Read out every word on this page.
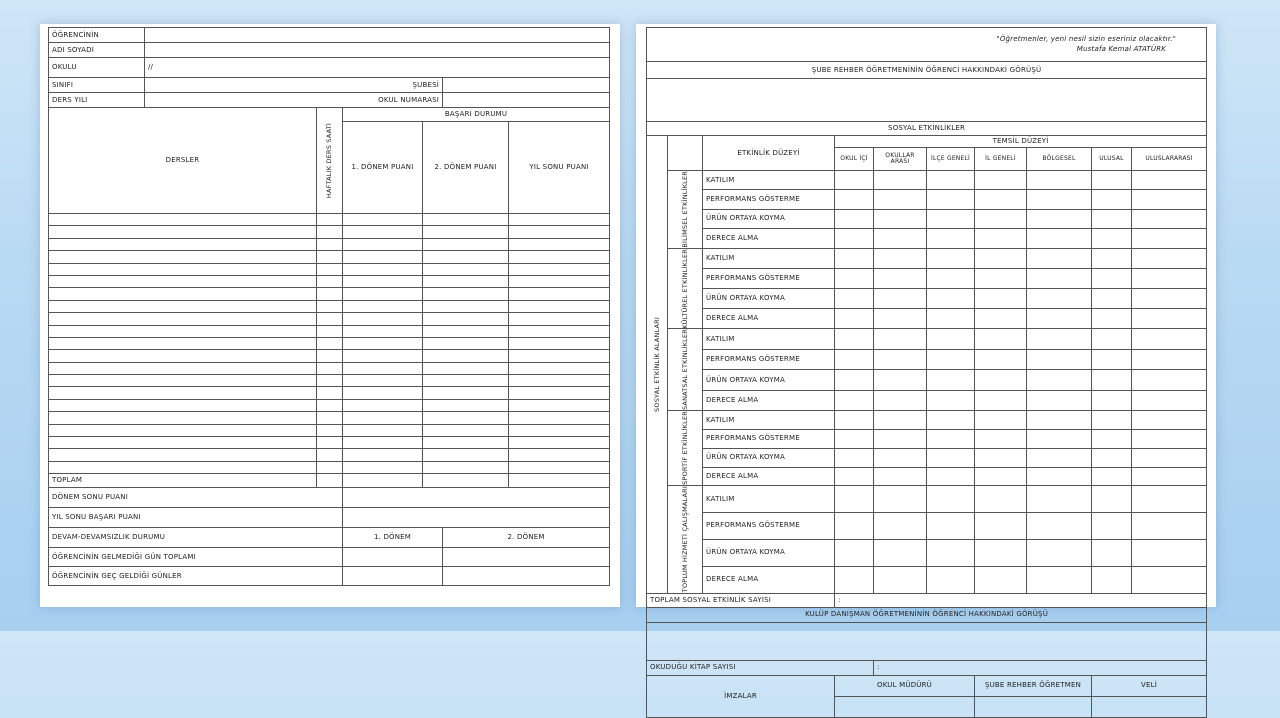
ÖĞRENCİNİN						
ADI SOYADI						
OKULU	//					
SINIFI	ŞUBESİ					
DERS YILI	OKUL NUMARASI					
DERSLER		HAFTALIK DERS SAATİ	BAŞARI DURUMU			
			1. DÖNEM PUANI	2. DÖNEM PUANI		YIL SONU PUANI

TOPLAM						
DÖNEM SONU PUANI						
YIL SONU BAŞARI PUANI						
DEVAM-DEVAMSIZLIK DURUMU			1. DÖNEM		2. DÖNEM	
ÖĞRENCİNİN GELMEDİĞİ GÜN TOPLAMI						
ÖĞRENCİNİN GEÇ GELDİĞİ GÜNLER						
"Öğretmenler, yeni nesil sizin eseriniz olacaktır."
Mustafa Kemal ATATÜRK									

ŞUBE REHBER ÖĞRETMENİNİN ÖĞRENCİ HAKKINDAKİ GÖRÜŞÜ									

SOSYAL ETKİNLİKLER									

SOSYAL ETKİNLİK ALANLARI		ETKİNLİK DÜZEYİ	TEMSİL DÜZEYİ						
			OKUL İÇİ	OKULLAR ARASI	İLÇE GENELİ	İL GENELİ	BÖLGESEL	ULUSAL	ULUSLARARASI

	BİLİMSEL ETKİNLİKLER	KATILIM							
		PERFORMANS GÖSTERME							
		ÜRÜN ORTAYA KOYMA							
		DERECE ALMA							

	KÜLTÜREL ETKİNLİKLER	KATILIM							
		PERFORMANS GÖSTERME							
		ÜRÜN ORTAYA KOYMA							
		DERECE ALMA							

	SANATSAL ETKİNLİKLER	KATILIM							
		PERFORMANS GÖSTERME							
		ÜRÜN ORTAYA KOYMA							
		DERECE ALMA							

	SPORTİF ETKİNLİKLER	KATILIM							
		PERFORMANS GÖSTERME							
		ÜRÜN ORTAYA KOYMA							
		DERECE ALMA							

	TOPLUM HİZMETİ ÇALIŞMALARI	KATILIM							
		PERFORMANS GÖSTERME							
		ÜRÜN ORTAYA KOYMA							
		DERECE ALMA							
TOPLAM SOSYAL ETKİNLİK SAYISI			:						
KULÜP DANIŞMAN ÖĞRETMENİNİN ÖĞRENCİ HAKKINDAKİ GÖRÜŞÜ									

OKUDUĞU KİTAP SAYISI				:					
İMZALAR			OKUL MÜDÜRÜ			ŞUBE REHBER ÖĞRETMEN		VELİ	
